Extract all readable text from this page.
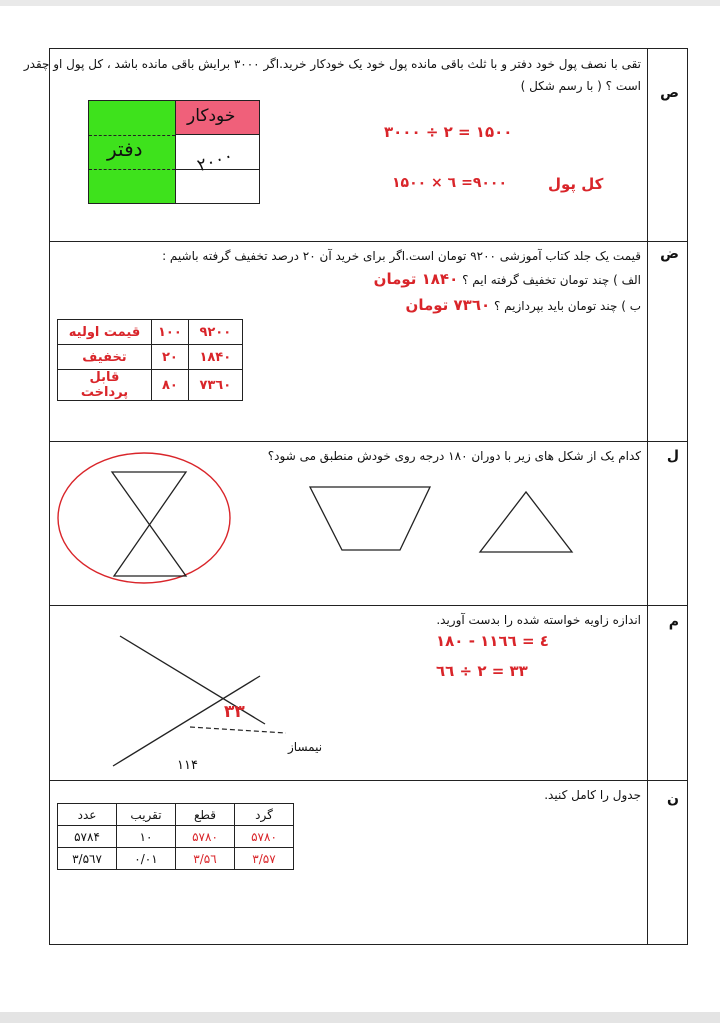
ص
تقی با نصف پول خود دفتر و با ثلث باقی مانده پول خود یک خودکار خرید.اگر ۳۰۰۰ برایش باقی مانده باشد ، کل پول او چقدر
است ؟ ( با رسم شکل )
خودکار
دفتر	۲۰۰۰
۳۰۰۰ ÷ ۲ = ۱۵۰۰
۱۵۰۰ × ٦ =۹۰۰۰	کل پول
ض
قیمت یک جلد کتاب آموزشی ۹۲۰۰ تومان است.اگر برای خرید آن ۲۰ درصد تخفیف گرفته باشیم :
الف ) چند تومان تخفیف گرفته ایم ؟ ۱۸۴۰ تومان
ب ) چند تومان باید بپردازیم ؟ ۷۳٦۰ تومان
قیمت اولیه	۱۰۰	۹۲۰۰
تخفیف	۲۰	۱۸۴۰
قابل پرداخت	۸۰	۷۳٦۰
ل
کدام یک از شکل های زیر با دوران ۱۸۰ درجه روی خودش منطبق می شود؟
م
اندازه زاویه خواسته شده را بدست آورید.
۱۸۰ - ۱۱٤ = ٦٦
٦٦ ÷ ۲ = ۳۳
۳۳
۱۱۴
نیمساز
ن
جدول را کامل کنید.
عدد	تقریب	قطع	گرد
۵۷۸۴	۱۰	۵۷۸۰	۵۷۸۰
۳/۵٦۷	۰/۰۱	۳/۵٦	۳/۵۷
